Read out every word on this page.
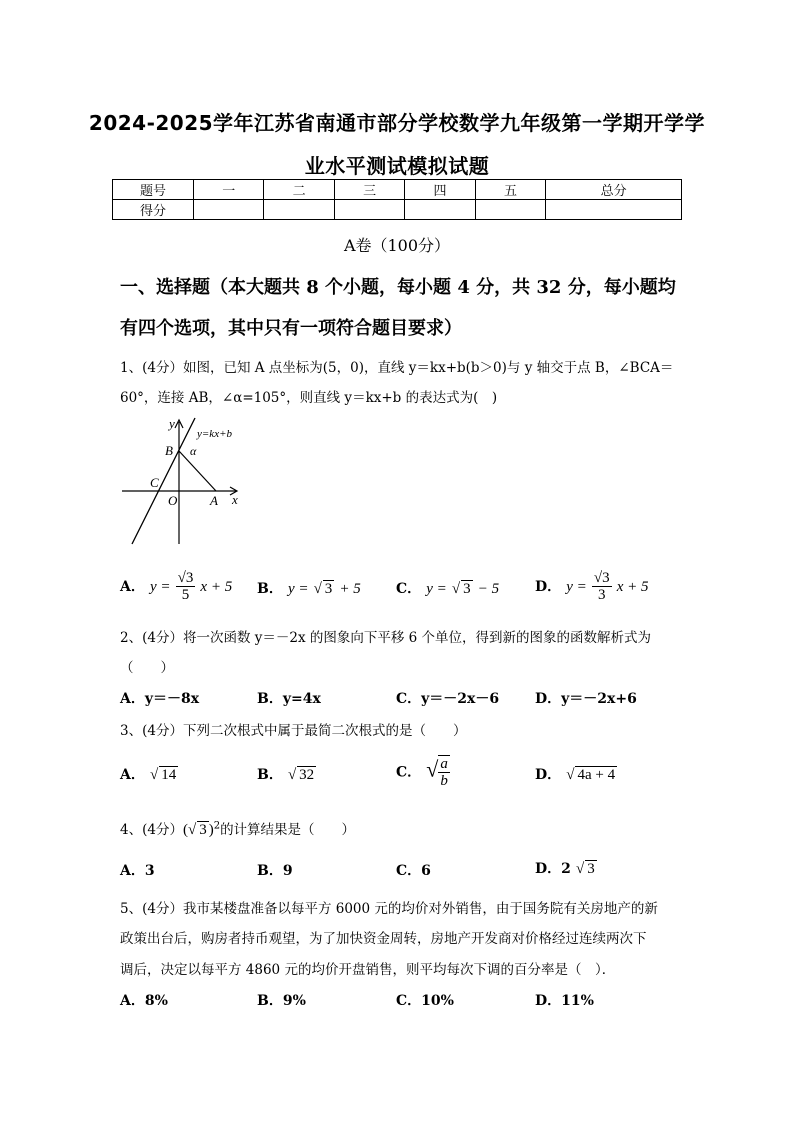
2024-2025学年江苏省南通市部分学校数学九年级第一学期开学学
业水平测试模拟试题
题号	一	二	三	四	五	总分
得分						
A卷（100分）
一、选择题（本大题共 8 个小题，每小题 4 分，共 32 分，每小题均
有四个选项，其中只有一项符合题目要求）
1、(4分）如图，已知 A 点坐标为(5，0)，直线 y＝kx+b(b＞0)与 y 轴交于点 B，∠BCA＝
60°，连接 AB，∠α=105°，则直线 y＝kx+b 的表达式为(　)
y=kx+b
y
x
B α
C
O	A
A． $y = \frac{√3}{5}$ x + 5 B． y = √ 3 + 5	C． y = √ 3 − 5	D． $y = \frac{√3}{3}$ x + 5
2、(4分）将一次函数 y＝－2x 的图象向下平移 6 个单位，得到新的图象的函数解析式为
（　　）
A．y＝－8x	B．y=4x	C．y＝－2x－6	D．y＝－2x+6
3、(4分）下列二次根式中属于最简二次根式的是（　　）
A． √ 14	B． √ 32	C． √ $\frac{a}{b}$	D． √ 4a + 4
4、(4分）(√ 3 )$^2$的计算结果是（　　）
A．3	B．9	C．6	D．2 √ 3
5、(4分）我市某楼盘准备以每平方 6000 元的均价对外销售，由于国务院有关房地产的新
政策出台后，购房者持币观望，为了加快资金周转，房地产开发商对价格经过连续两次下
调后，决定以每平方 4860 元的均价开盘销售，则平均每次下调的百分率是（　）．
A．8%	B．9%	C．10%	D．11%
